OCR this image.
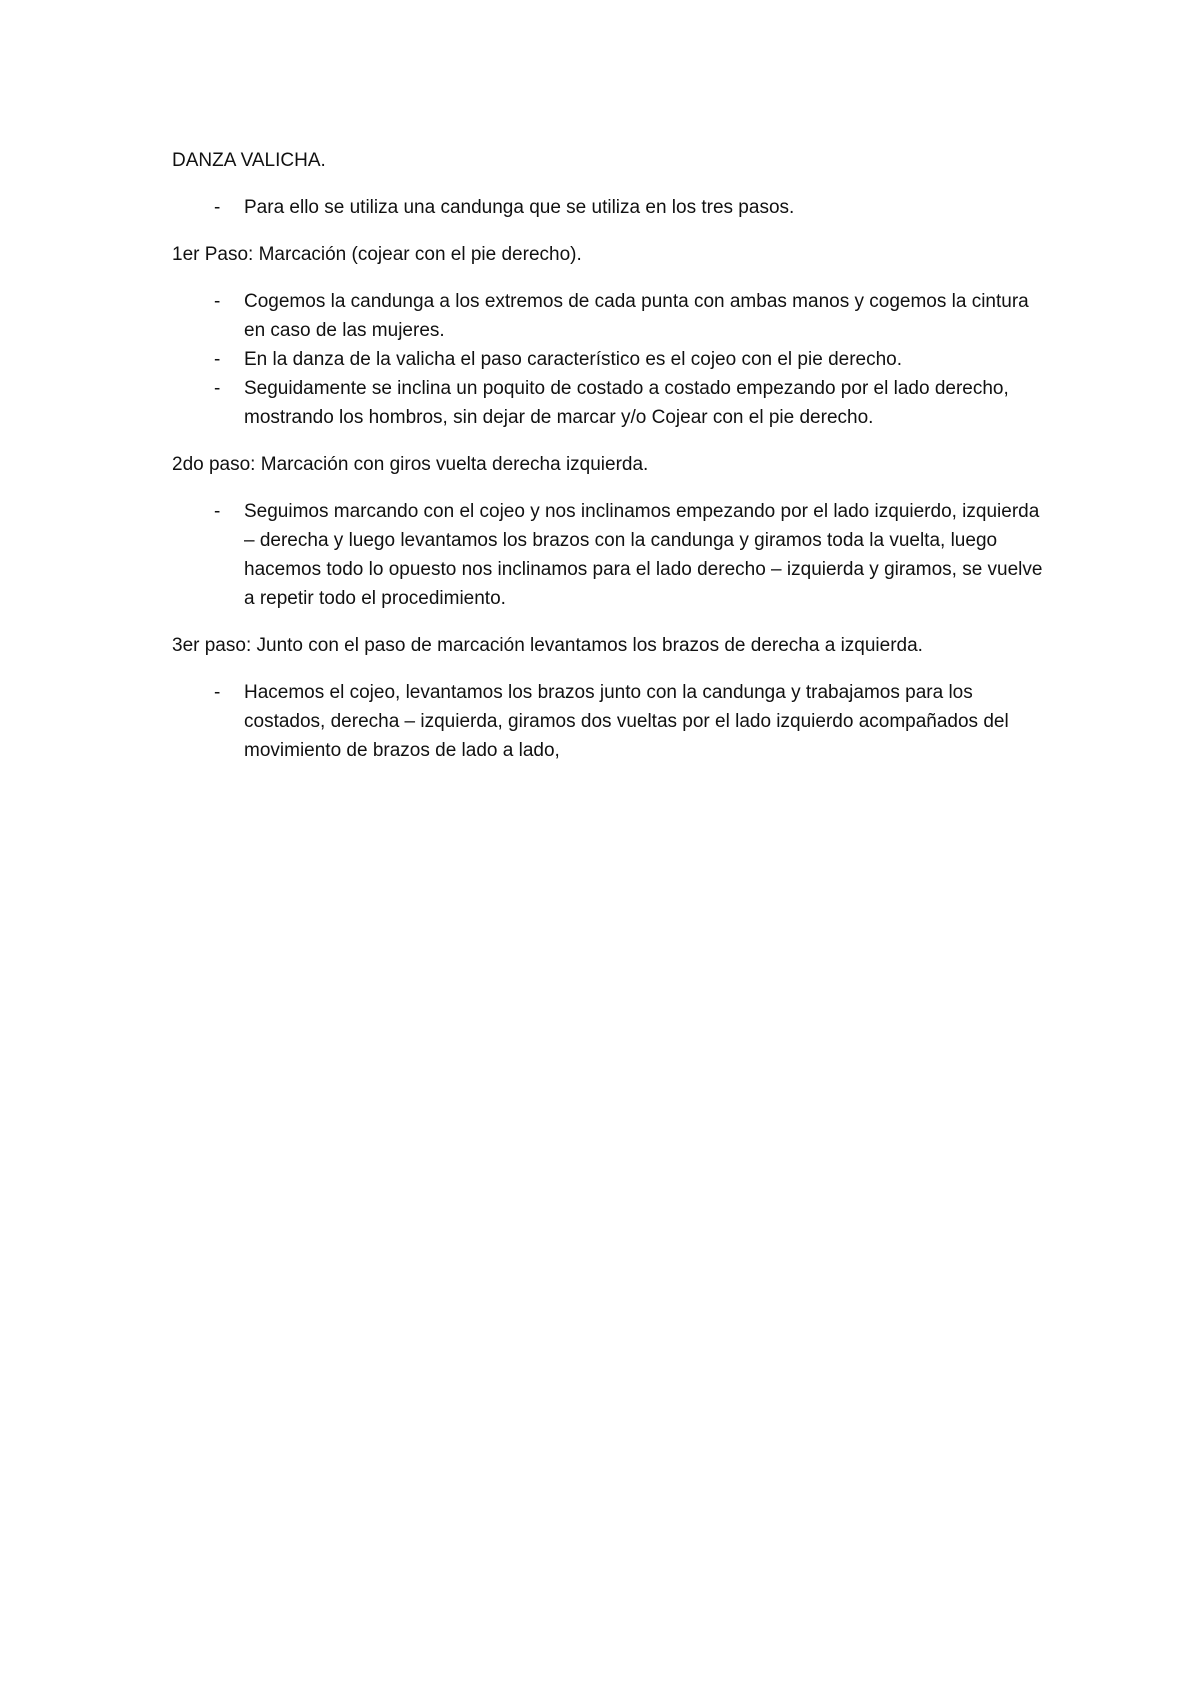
DANZA VALICHA.
- Para ello se utiliza una candunga que se utiliza en los tres pasos.
1er Paso: Marcación (cojear con el pie derecho).
- Cogemos la candunga a los extremos de cada punta con ambas manos y cogemos la cintura en caso de las mujeres.
- En la danza de la valicha el paso característico es el cojeo con el pie derecho.
- Seguidamente se inclina un poquito de costado a costado empezando por el lado derecho, mostrando los hombros, sin dejar de marcar y/o Cojear con el pie derecho.
2do paso: Marcación con giros vuelta derecha izquierda.
- Seguimos marcando con el cojeo y nos inclinamos empezando por el lado izquierdo, izquierda – derecha y luego levantamos los brazos con la candunga y giramos toda la vuelta, luego hacemos todo lo opuesto nos inclinamos para el lado derecho – izquierda y giramos, se vuelve a repetir todo el procedimiento.
3er paso: Junto con el paso de marcación levantamos los brazos de derecha a izquierda.
- Hacemos el cojeo, levantamos los brazos junto con la candunga y trabajamos para los costados, derecha – izquierda, giramos dos vueltas por el lado izquierdo acompañados del movimiento de brazos de lado a lado,
